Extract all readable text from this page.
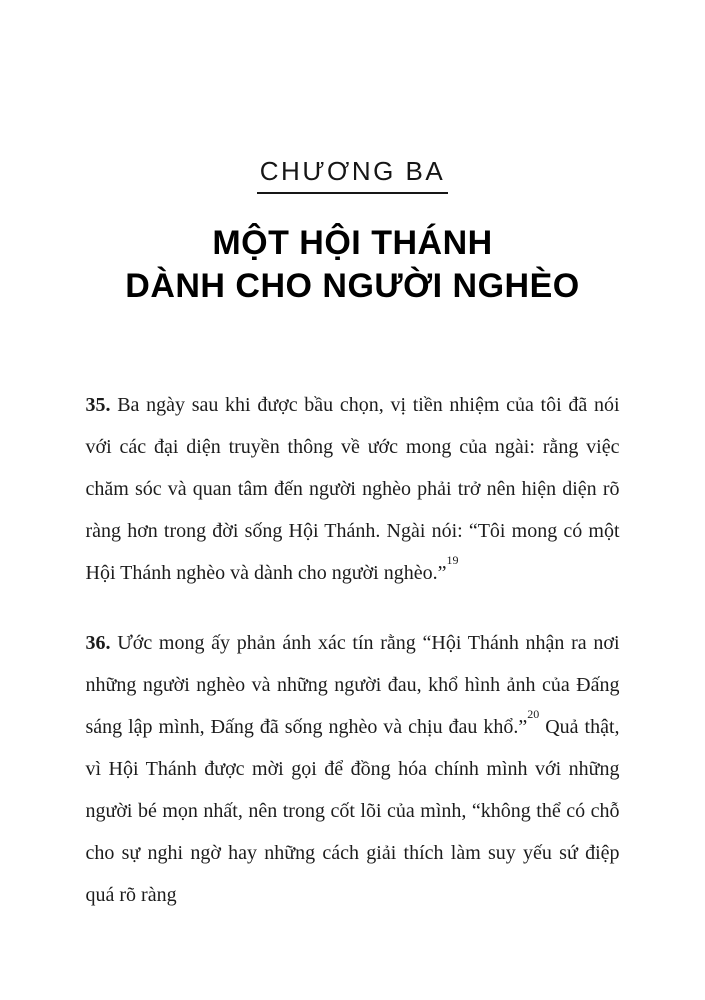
CHƯƠNG BA
MỘT HỘI THÁNH
DÀNH CHO NGƯỜI NGHÈO

35. Ba ngày sau khi được bầu chọn, vị tiền nhiệm của tôi đã nói với các đại diện truyền thông về ước mong của ngài: rằng việc chăm sóc và quan tâm đến người nghèo phải trở nên hiện diện rõ ràng hơn trong đời sống Hội Thánh. Ngài nói: “Tôi mong có một Hội Thánh nghèo và dành cho người nghèo.”$^{19}$

36. Ước mong ấy phản ánh xác tín rằng “Hội Thánh nhận ra nơi những người nghèo và những người đau, khổ hình ảnh của Đấng sáng lập mình, Đấng đã sống nghèo và chịu đau khổ.”$^{20}$ Quả thật, vì Hội Thánh được mời gọi để đồng hóa chính mình với những người bé mọn nhất, nên trong cốt lõi của mình, “không thể có chỗ cho sự nghi ngờ hay những cách giải thích làm suy yếu sứ điệp quá rõ ràng
